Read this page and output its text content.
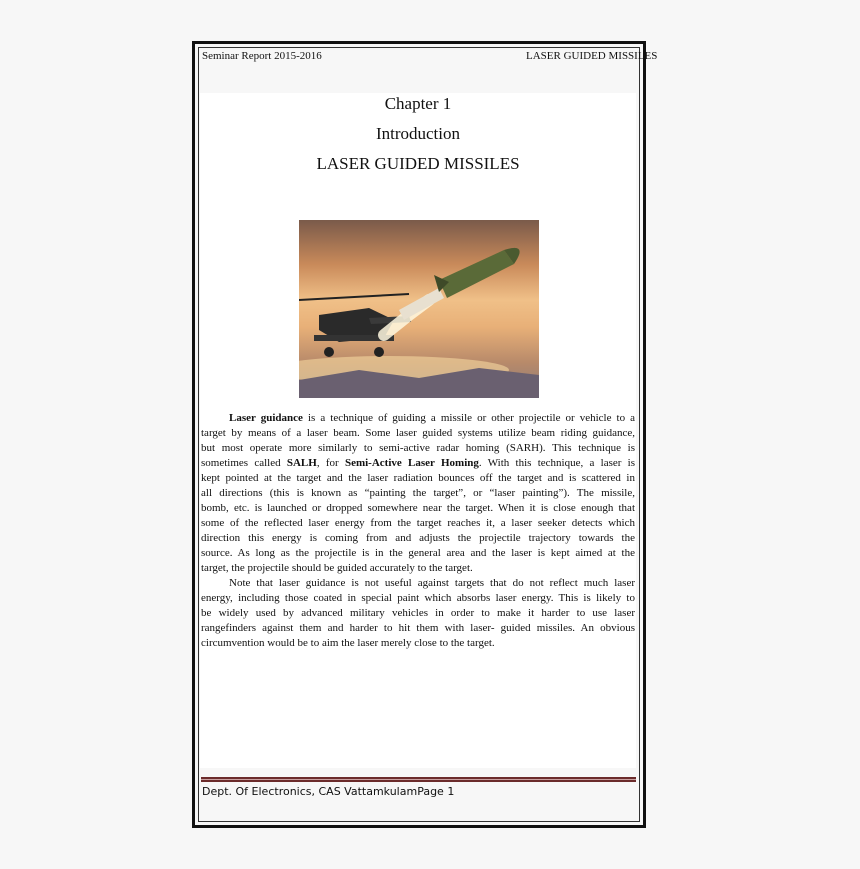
Seminar Report 2015-2016	LASER GUIDED MISSILES
Chapter 1
Introduction
LASER GUIDED MISSILES
Laser guidance is a technique of guiding a missile or other projectile or vehicle to a
target by means of a laser beam. Some laser guided systems utilize beam riding guidance,
but most operate more similarly to semi-active radar homing (SARH). This technique is
sometimes called SALH, for Semi-Active Laser Homing. With this technique, a laser is
kept pointed at the target and the laser radiation bounces off the target and is scattered in
all directions (this is known as “painting the target”, or “laser painting”). The missile,
bomb, etc. is launched or dropped somewhere near the target. When it is close enough that
some of the reflected laser energy from the target reaches it, a laser seeker detects which
direction this energy is coming from and adjusts the projectile trajectory towards the
source. As long as the projectile is in the general area and the laser is kept aimed at the
target, the projectile should be guided accurately to the target.
Note that laser guidance is not useful against targets that do not reflect much laser
energy, including those coated in special paint which absorbs laser energy. This is likely to
be widely used by advanced military vehicles in order to make it harder to use laser
rangefinders against them and harder to hit them with laser- guided missiles. An obvious
circumvention would be to aim the laser merely close to the target.
Dept. Of Electronics, CAS VattamkulamPage 1
